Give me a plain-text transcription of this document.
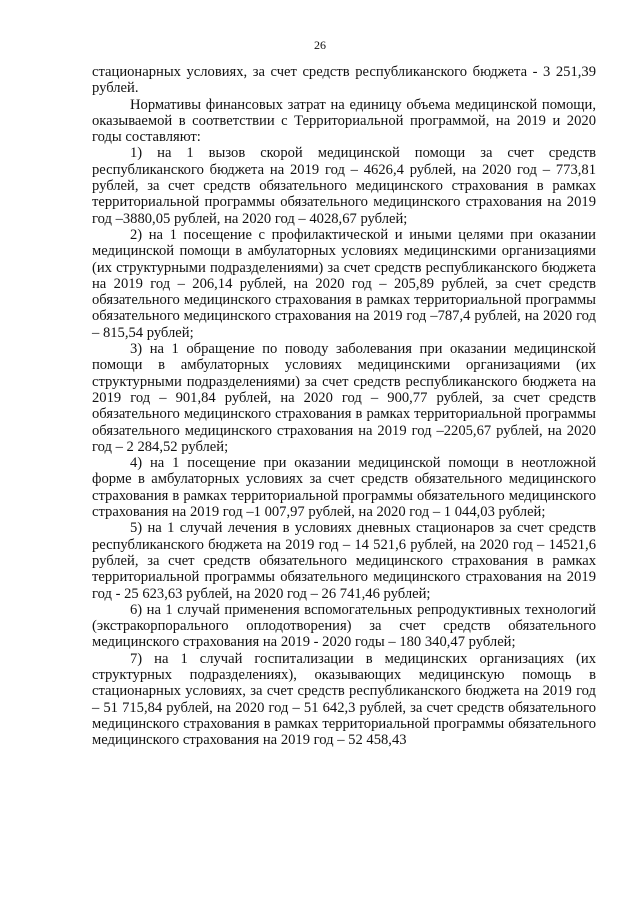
26

стационарных условиях, за счет средств республиканского бюджета - 3 251,39 рублей.

Нормативы финансовых затрат на единицу объема медицинской помощи, оказываемой в соответствии с Территориальной программой, на 2019 и 2020 годы составляют:

1) на 1 вызов скорой медицинской помощи за счет средств республиканского бюджета на 2019 год – 4626,4 рублей, на 2020 год – 773,81 рублей, за счет средств обязательного медицинского страхования в рамках территориальной программы обязательного медицинского страхования на 2019 год –3880,05 рублей, на 2020 год – 4028,67 рублей;

2) на 1 посещение с профилактической и иными целями при оказании медицинской помощи в амбулаторных условиях медицинскими организациями (их структурными подразделениями) за счет средств республиканского бюджета на 2019 год – 206,14 рублей, на 2020 год – 205,89 рублей, за счет средств обязательного медицинского страхования в рамках территориальной программы обязательного медицинского страхования на 2019 год –787,4 рублей, на 2020 год – 815,54 рублей;

3) на 1 обращение по поводу заболевания при оказании медицинской помощи в амбулаторных условиях медицинскими организациями (их структурными подразделениями) за счет средств республиканского бюджета на 2019 год – 901,84 рублей, на 2020 год – 900,77 рублей, за счет средств обязательного медицинского страхования в рамках территориальной программы обязательного медицинского страхования на 2019 год –2205,67 рублей, на 2020 год – 2 284,52 рублей;

4) на 1 посещение при оказании медицинской помощи в неотложной форме в амбулаторных условиях за счет средств обязательного медицинского страхования в рамках территориальной программы обязательного медицинского страхования на 2019 год –1 007,97 рублей, на 2020 год – 1 044,03 рублей;

5) на 1 случай лечения в условиях дневных стационаров за счет средств республиканского бюджета на 2019 год – 14 521,6 рублей, на 2020 год – 14521,6 рублей, за счет средств обязательного медицинского страхования в рамках территориальной программы обязательного медицинского страхования на 2019 год - 25 623,63 рублей, на 2020 год – 26 741,46 рублей;

6) на 1 случай применения вспомогательных репродуктивных технологий (экстракорпорального оплодотворения) за счет средств обязательного медицинского страхования на 2019 - 2020 годы – 180 340,47 рублей;

7) на 1 случай госпитализации в медицинских организациях (их структурных подразделениях), оказывающих медицинскую помощь в стационарных условиях, за счет средств республиканского бюджета на 2019 год – 51 715,84 рублей, на 2020 год – 51 642,3 рублей, за счет средств обязательного медицинского страхования в рамках территориальной программы обязательного медицинского страхования на 2019 год – 52 458,43
